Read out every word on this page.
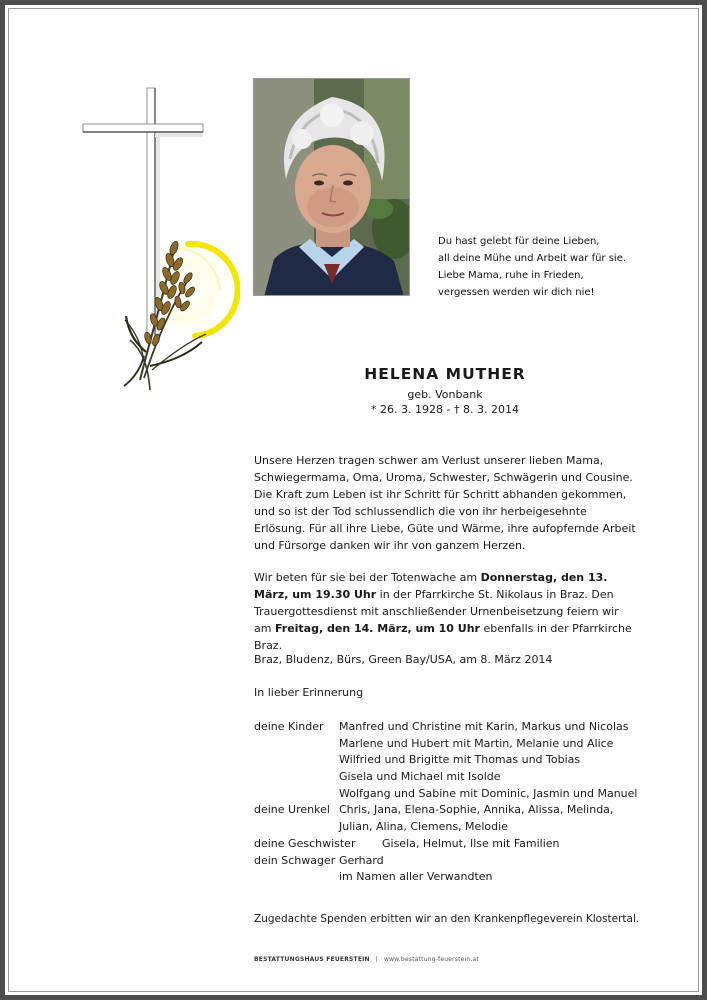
Du hast gelebt für deine Lieben,
all deine Mühe und Arbeit war für sie.
Liebe Mama, ruhe in Frieden,
vergessen werden wir dich nie!
HELENA MUTHER
geb. Vonbank
* 26. 3. 1928 - † 8. 3. 2014

Unsere Herzen tragen schwer am Verlust unserer lieben Mama, Schwiegermama, Oma, Uroma, Schwester, Schwägerin und Cousine. Die Kraft zum Leben ist ihr Schritt für Schritt abhanden gekommen, und so ist der Tod schlussendlich die von ihr herbeigesehnte Erlösung. Für all ihre Liebe, Güte und Wärme, ihre aufopfernde Arbeit und Fürsorge danken wir ihr von ganzem Herzen.

Wir beten für sie bei der Totenwache am Donnerstag, den 13. März, um 19.30 Uhr in der Pfarrkirche St. Nikolaus in Braz. Den Trauergottesdienst mit anschließender Urnenbeisetzung feiern wir am Freitag, den 14. März, um 10 Uhr ebenfalls in der Pfarrkirche Braz.

Braz, Bludenz, Bürs, Green Bay/USA, am 8. März 2014
In lieber Erinnerung
deine Kinder Manfred und Christine mit Karin, Markus und Nicolas
Marlene und Hubert mit Martin, Melanie und Alice
Wilfried und Brigitte mit Thomas und Tobias
Gisela und Michael mit Isolde
Wolfgang und Sabine mit Dominic, Jasmin und Manuel
deine Urenkel Chris, Jana, Elena-Sophie, Annika, Alissa, Melinda,
Julian, Alina, Clemens, Melodie
deine Geschwister Gisela, Helmut, Ilse mit Familien
dein Schwager Gerhard
im Namen aller Verwandten
Zugedachte Spenden erbitten wir an den Krankenpflegeverein Klostertal.
BESTATTUNGSHAUS FEUERSTEIN | www.bestattung-feuerstein.at
